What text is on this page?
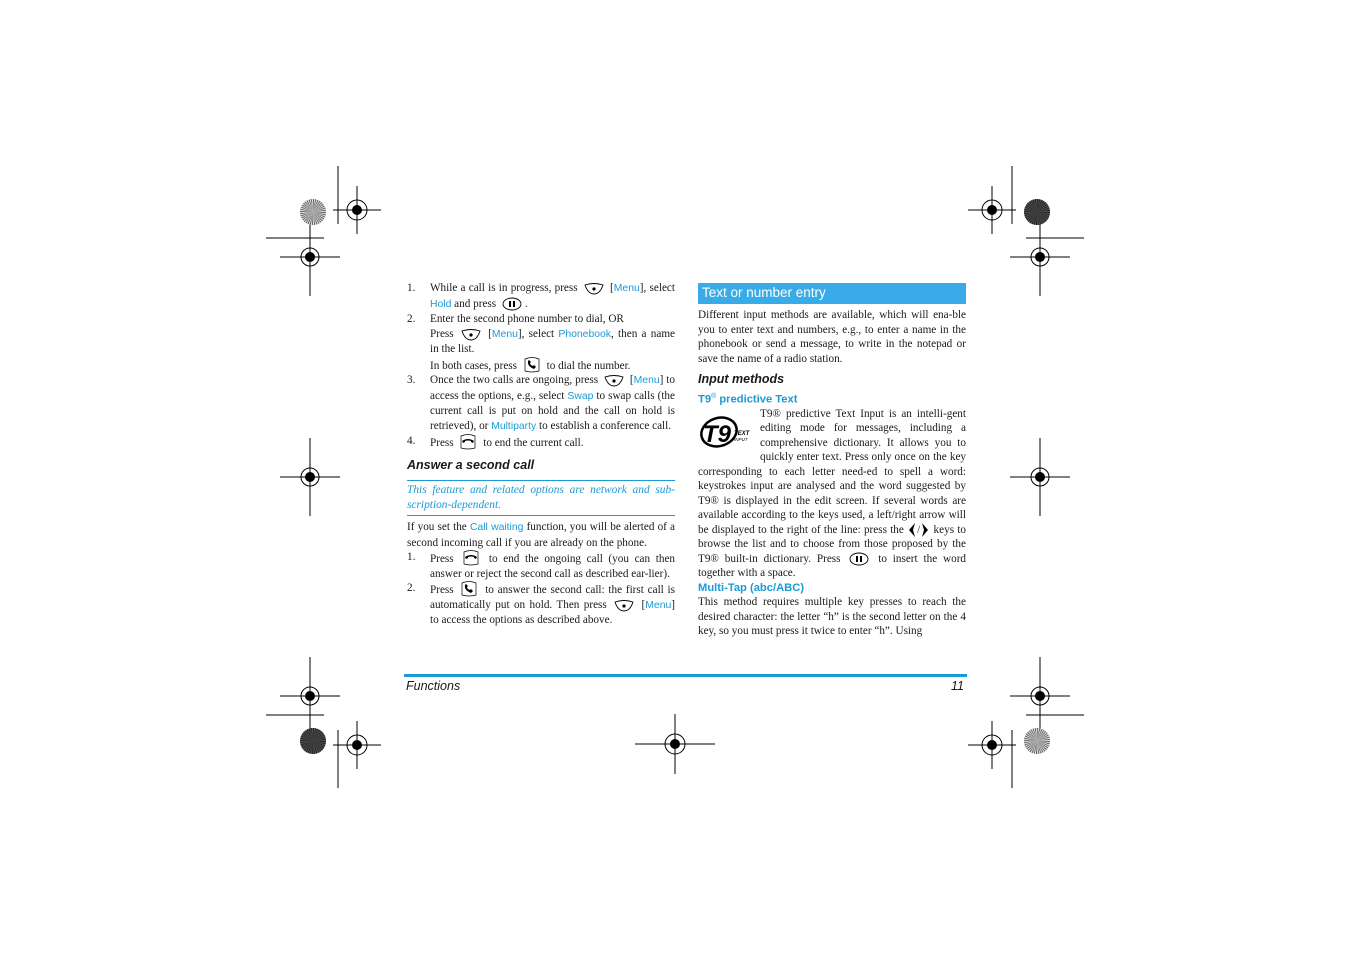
1. While a call is in progress, press	[Menu], select Hold and press	.
2. Enter the second phone number to dial, OR
Press	[Menu], select Phonebook, then a name in the list.
In both cases, press	to dial the number.
3. Once the two calls are ongoing, press	[Menu] to access the options, e.g., select Swap to swap calls (the current call is put on hold and the call on hold is retrieved), or Multiparty to establish a conference call.
4. Press	to end the current call.
Answer a second call
This feature and related options are network and sub-scription-dependent.

If you set the Call waiting function, you will be alerted of a second incoming call if you are already on the phone.

1. Press	to end the ongoing call (you can then answer or reject the second call as described ear-lier).
2. Press	to answer the second call: the first call is automatically put on hold. Then press	[Menu] to access the options as described above.
Text or number entry

Different input methods are available, which will ena-ble you to enter text and numbers, e.g., to enter a name in the phonebook or send a message, to write in the notepad or save the name of a radio station.

Input methods
T9® predictive Text
T9 TEXT
INPUT

T9® predictive Text Input is an intelli-gent editing mode for messages, including a comprehensive dictionary. It allows you to quickly enter text. Press only once on the key corresponding to each letter need-ed to spell a word: keystrokes input are analysed and the word suggested by T9® is displayed in the edit screen. If several words are available according to the keys used, a left/right arrow will be displayed to the right of the line: press the / keys to browse the list and to choose from those proposed by the T9® built-in dictionary. Press	to insert the word together with a space.

Multi-Tap (abc/ABC)

This method requires multiple key presses to reach the desired character: the letter “h” is the second letter on the 4 key, so you must press it twice to enter “h”. Using

Functions	11
